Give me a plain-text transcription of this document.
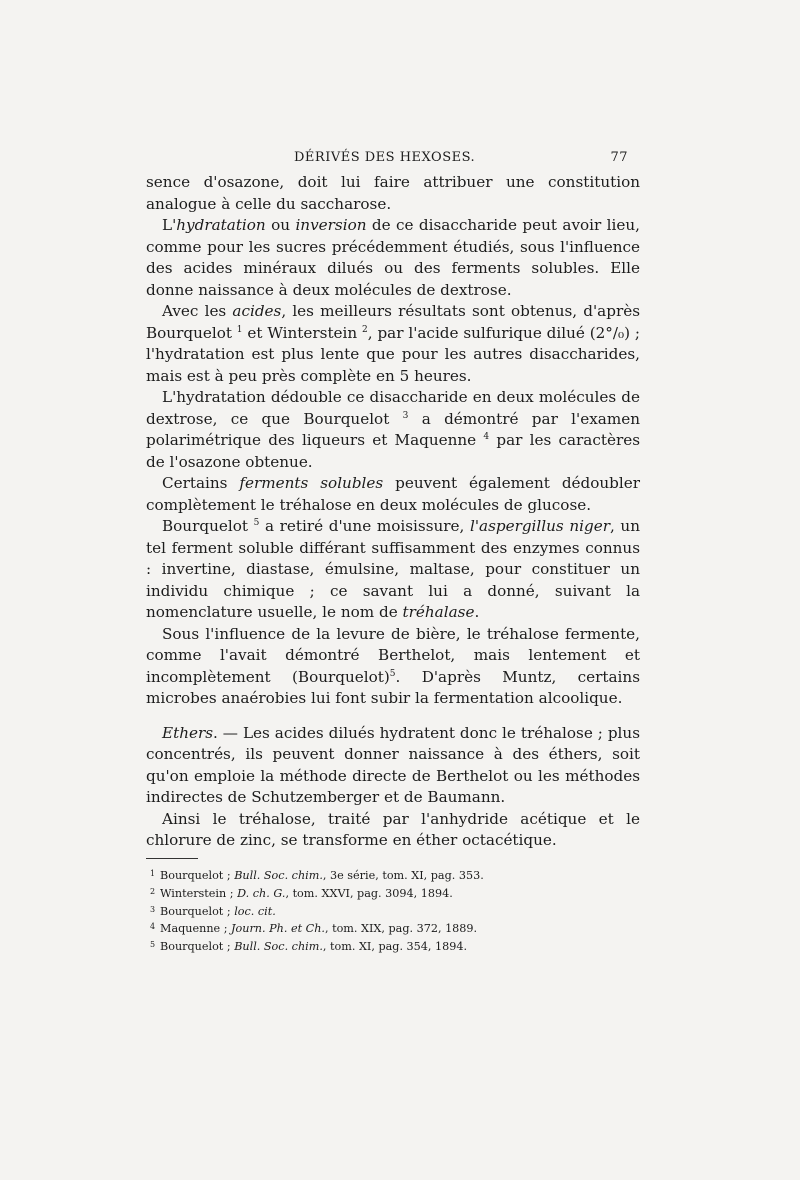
DÉRIVÉS DES HEXOSES.	77

sence d'osazone, doit lui faire attribuer une constitution analogue à celle du saccharose.

L'hydratation ou inversion de ce disaccharide peut avoir lieu, comme pour les sucres précédemment étudiés, sous l'influence des acides minéraux dilués ou des ferments solubles. Elle donne naissance à deux molécules de dextrose.

Avec les acides, les meilleurs résultats sont obtenus, d'après Bourquelot $^1$ et Winterstein $^2$, par l'acide sulfurique dilué (2°/₀) ; l'hydratation est plus lente que pour les autres disaccharides, mais est à peu près complète en 5 heures.

L'hydratation dédouble ce disaccharide en deux molécules de dextrose, ce que Bourquelot $^3$ a démontré par l'examen polarimétrique des liqueurs et Maquenne $^4$ par les caractères de l'osazone obtenue.

Certains ferments solubles peuvent également dédoubler complètement le tréhalose en deux molécules de glucose.

Bourquelot $^5$ a retiré d'une moisissure, l'aspergillus niger, un tel ferment soluble différant suffisamment des enzymes connus : invertine, diastase, émulsine, maltase, pour constituer un individu chimique ; ce savant lui a donné, suivant la nomenclature usuelle, le nom de tréhalase.

Sous l'influence de la levure de bière, le tréhalose fermente, comme l'avait démontré Berthelot, mais lentement et incomplètement (Bourquelot)$^5$. D'après Muntz, certains microbes anaérobies lui font subir la fermentation alcoolique.

Ethers. — Les acides dilués hydratent donc le tréhalose ; plus concentrés, ils peuvent donner naissance à des éthers, soit qu'on emploie la méthode directe de Berthelot ou les méthodes indirectes de Schutzemberger et de Baumann.

Ainsi le tréhalose, traité par l'anhydride acétique et le chlorure de zinc, se transforme en éther octacétique.

1 Bourquelot ; Bull. Soc. chim., 3e série, tom. XI, pag. 353.
2 Winterstein ; D. ch. G., tom. XXVI, pag. 3094, 1894.
3 Bourquelot ; loc. cit.
4 Maquenne ; Journ. Ph. et Ch., tom. XIX, pag. 372, 1889.
5 Bourquelot ; Bull. Soc. chim., tom. XI, pag. 354, 1894.
